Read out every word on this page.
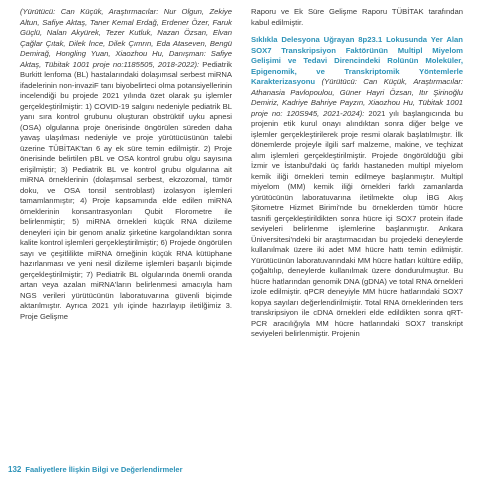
(Yürütücü: Can Küçük, Araştırmacılar: Nur Olgun, Zekiye Altun, Safiye Aktaş, Taner Kemal Erdağ, Erdener Özer, Faruk Güçlü, Nalan Akyürek, Tezer Kutluk, Nazan Özsan, Elvan Çağlar Çıtak, Dilek İnce, Dilek Çımrın, Eda Ataseven, Bengü Demirağ, Hongling Yuan, Xiaozhou Hu, Danışman: Safiye Aktaş, Tübitak 1001 proje no:1185505, 2018-2022): Pediatrik Burkitt lenfoma (BL) hastalarındaki dolaşımsal serbest miRNA ifadelerinin non-invaziF tanı biyobelirteci olma potansiyellerinin incelendiği bu projede 2021 yılında özet olarak şu işlemler gerçekleştirilmiştir: 1) COVID-19 salgını nedeniyle pediatrik BL yanı sıra kontrol grubunu oluşturan obstrüktif uyku apnesi (OSA) olgulanna proje önerisinde öngörülen süreden daha yavaş ulaşılması nedeniyle ve proje yürütücüsünün talebi üzerine TÜBİTAK'tan 6 ay ek süre temin edilmiştir. 2) Proje önerisinde belirtilen pBL ve OSA kontrol grubu olgu sayısına erişilmiştir; 3) Pediatrik BL ve kontrol grubu olgularına ait miRNA örneklerinin (dolaşımsal serbest, ekzozomal, tümör doku, ve OSA tonsil sentroblast) izolasyon işlemleri tamamlanmıştır; 4) Proje kapsamında elde edilen miRNA örneklerinin konsantrasyonları Qubit Florometre ile belirlenmiştir; 5) miRNA örnekleri küçük RNA dizileme deneyleri için bir genom analiz şirketine kargolandıktan sonra kalite kontrol işlemleri gerçekleştirilmiştir; 6) Projede öngörülen sayı ve çeşitlilikte miRNA örneğinin küçük RNA kütüphane hazırlanması ve yeni nesil dizileme işlemleri başarılı biçimde gerçekleştirilmiştir; 7) Pediatrik BL olgularında önemli oranda artan veya azalan miRNA'ların belirlenmesi amacıyla ham NGS verileri yürütücünün laboratuvarına güvenli biçimde aktarılmıştır. Ayrıca 2021 yılı içinde hazırlayıp iletilğimiz 3. Proje Gelişme

Raporu ve Ek Süre Gelişme Raporu TÜBİTAK tarafından kabul edilmiştir.

Sıklıkla Delesyona Uğrayan 8p23.1 Lokusunda Yer Alan SOX7 Transkripsiyon Faktörünün Multipl Miyelom Gelişimi ve Tedavi Direncindeki Rolünün Moleküler, Epigenomik, ve Transkriptomik Yöntemlerle Karakterizasyonu (Yürütücü: Can Küçük, Araştırmacılar: Athanasia Pavlopoulou, Güner Hayri Özsan, Itır Şirinoğlu Demiriz, Kadriye Bahriye Payzın, Xiaozhou Hu, Tübitak 1001 proje no: 120S945, 2021-2024): 2021 yılı başlangıcında bu projenin etik kurul onayı alındıktan sonra diğer belge ve işlemler gerçekleştirilerek proje resmi olarak başlatılmıştır. İlk dönemlerde projeyle ilgili sarf malzeme, makine, ve teçhizat alım işlemleri gerçekleştirilmiştir. Projede öngörüldüğü gibi İzmir ve İstanbul'daki üç farklı hastaneden multipl miyelom kemik iliği örnekleri temin edilmeye başlanmıştır. Multipl miyelom (MM) kemik iliği örnekleri farklı zamanlarda yürütücünün laboratuvarına iletilmekte olup İBG Akış Şitometre Hizmet Birimi'nde bu örneklerden tümör hücre tasnifi gerçekleştirildikten sonra hücre içi SOX7 protein ifade seviyeleri belirlenme işlemlerine başlanmıştır. Ankara Üniversitesi'ndeki bir araştırmacıdan bu projedeki deneylerde kullanılmak üzere iki adet MM hücre hattı temin edilmiştir. Yürütücünün laboratuvarındaki MM hücre hatları kültüre edilip, çoğaltılıp, deneylerde kullanılmak üzere dondurulmuştur. Bu hücre hatlarından genomik DNA (gDNA) ve total RNA örnekleri izole edilmiştir. qPCR deneyiyle MM hücre hatlarındaki SOX7 kopya sayıları değerlendirilmiştir. Total RNA örneklerinden ters transkripsiyon ile cDNA örnekleri elde edildikten sonra qRT-PCR aracılığıyla MM hücre hatlarındaki SOX7 transkript seviyeleri belirlenmiştir. Projenin

132 Faaliyetlere İlişkin Bilgi ve Değerlendirmeler
